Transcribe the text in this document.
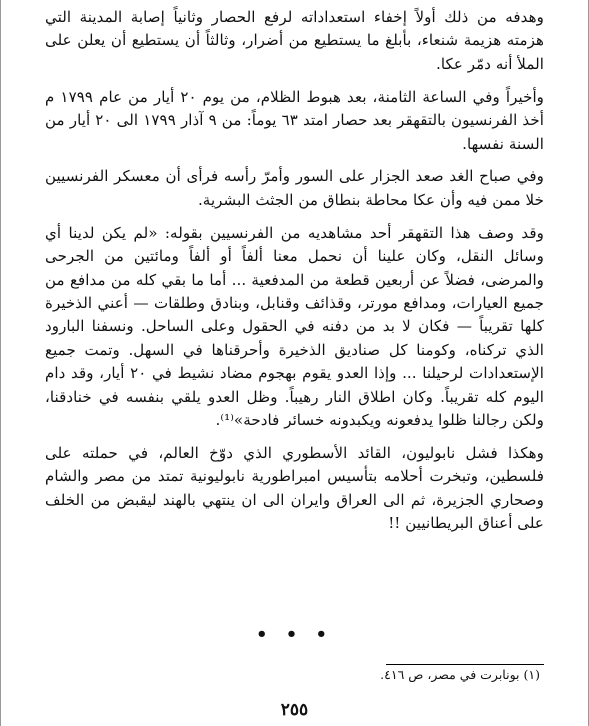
وهدفه من ذلك أولاً إخفاء استعداداته لرفع الحصار وثانياً إصابة المدينة التي هزمته هزيمة شنعاء، بأبلغ ما يستطيع من أضرار، وثالثاً أن يستطيع أن يعلن على الملأ أنه دمّر عكا.

وأخيراً وفي الساعة الثامنة، بعد هبوط الظلام، من يوم ٢٠ أيار من عام ١٧٩٩ م أخذ الفرنسيون بالتقهقر بعد حصار امتد ٦٣ يوماً: من ٩ آذار ١٧٩٩ الى ٢٠ أيار من السنة نفسها.

وفي صباح الغد صعد الجزار على السور وأمرّ رأسه فرأى أن معسكر الفرنسيين خلا ممن فيه وأن عكا محاطة بنطاق من الجثث البشرية.

وقد وصف هذا التقهقر أحد مشاهديه من الفرنسيين بقوله: «لم يكن لدينا أي وسائل النقل، وكان علينا أن نحمل معنا ألفاً أو ألفاً ومائتين من الجرحى والمرضى، فضلاً عن أربعين قطعة من المدفعية ... أما ما بقي كله من مدافع من جميع العيارات، ومدافع مورتر، وقذائف وقنابل، وبنادق وطلقات — أعني الذخيرة كلها تقريباً — فكان لا بد من دفنه في الحقول وعلى الساحل. ونسفنا البارود الذي تركناه، وكومنا كل صناديق الذخيرة وأحرقناها في السهل. وتمت جميع الإستعدادات لرحيلنا ... وإذا العدو يقوم بهجوم مضاد نشيط في ٢٠ أيار، وقد دام اليوم كله تقريباً. وكان اطلاق النار رهيباً. وظل العدو يلقي بنفسه في خنادقنا، ولكن رجالنا ظلوا يدفعونه ويكبدونه خسائر فادحة»⁽¹⁾.

وهكذا فشل نابوليون، القائد الأسطوري الذي دوّخ العالم، في حملته على فلسطين، وتبخرت أحلامه بتأسيس امبراطورية نابوليونية تمتد من مصر والشام وصحاري الجزيرة، ثم الى العراق وايران الى ان ينتهي بالهند ليقبض من الخلف على أعناق البريطانيين !!

• • •
(١) بونابرت في مصر، ص ٤١٦.
٢٥٥
